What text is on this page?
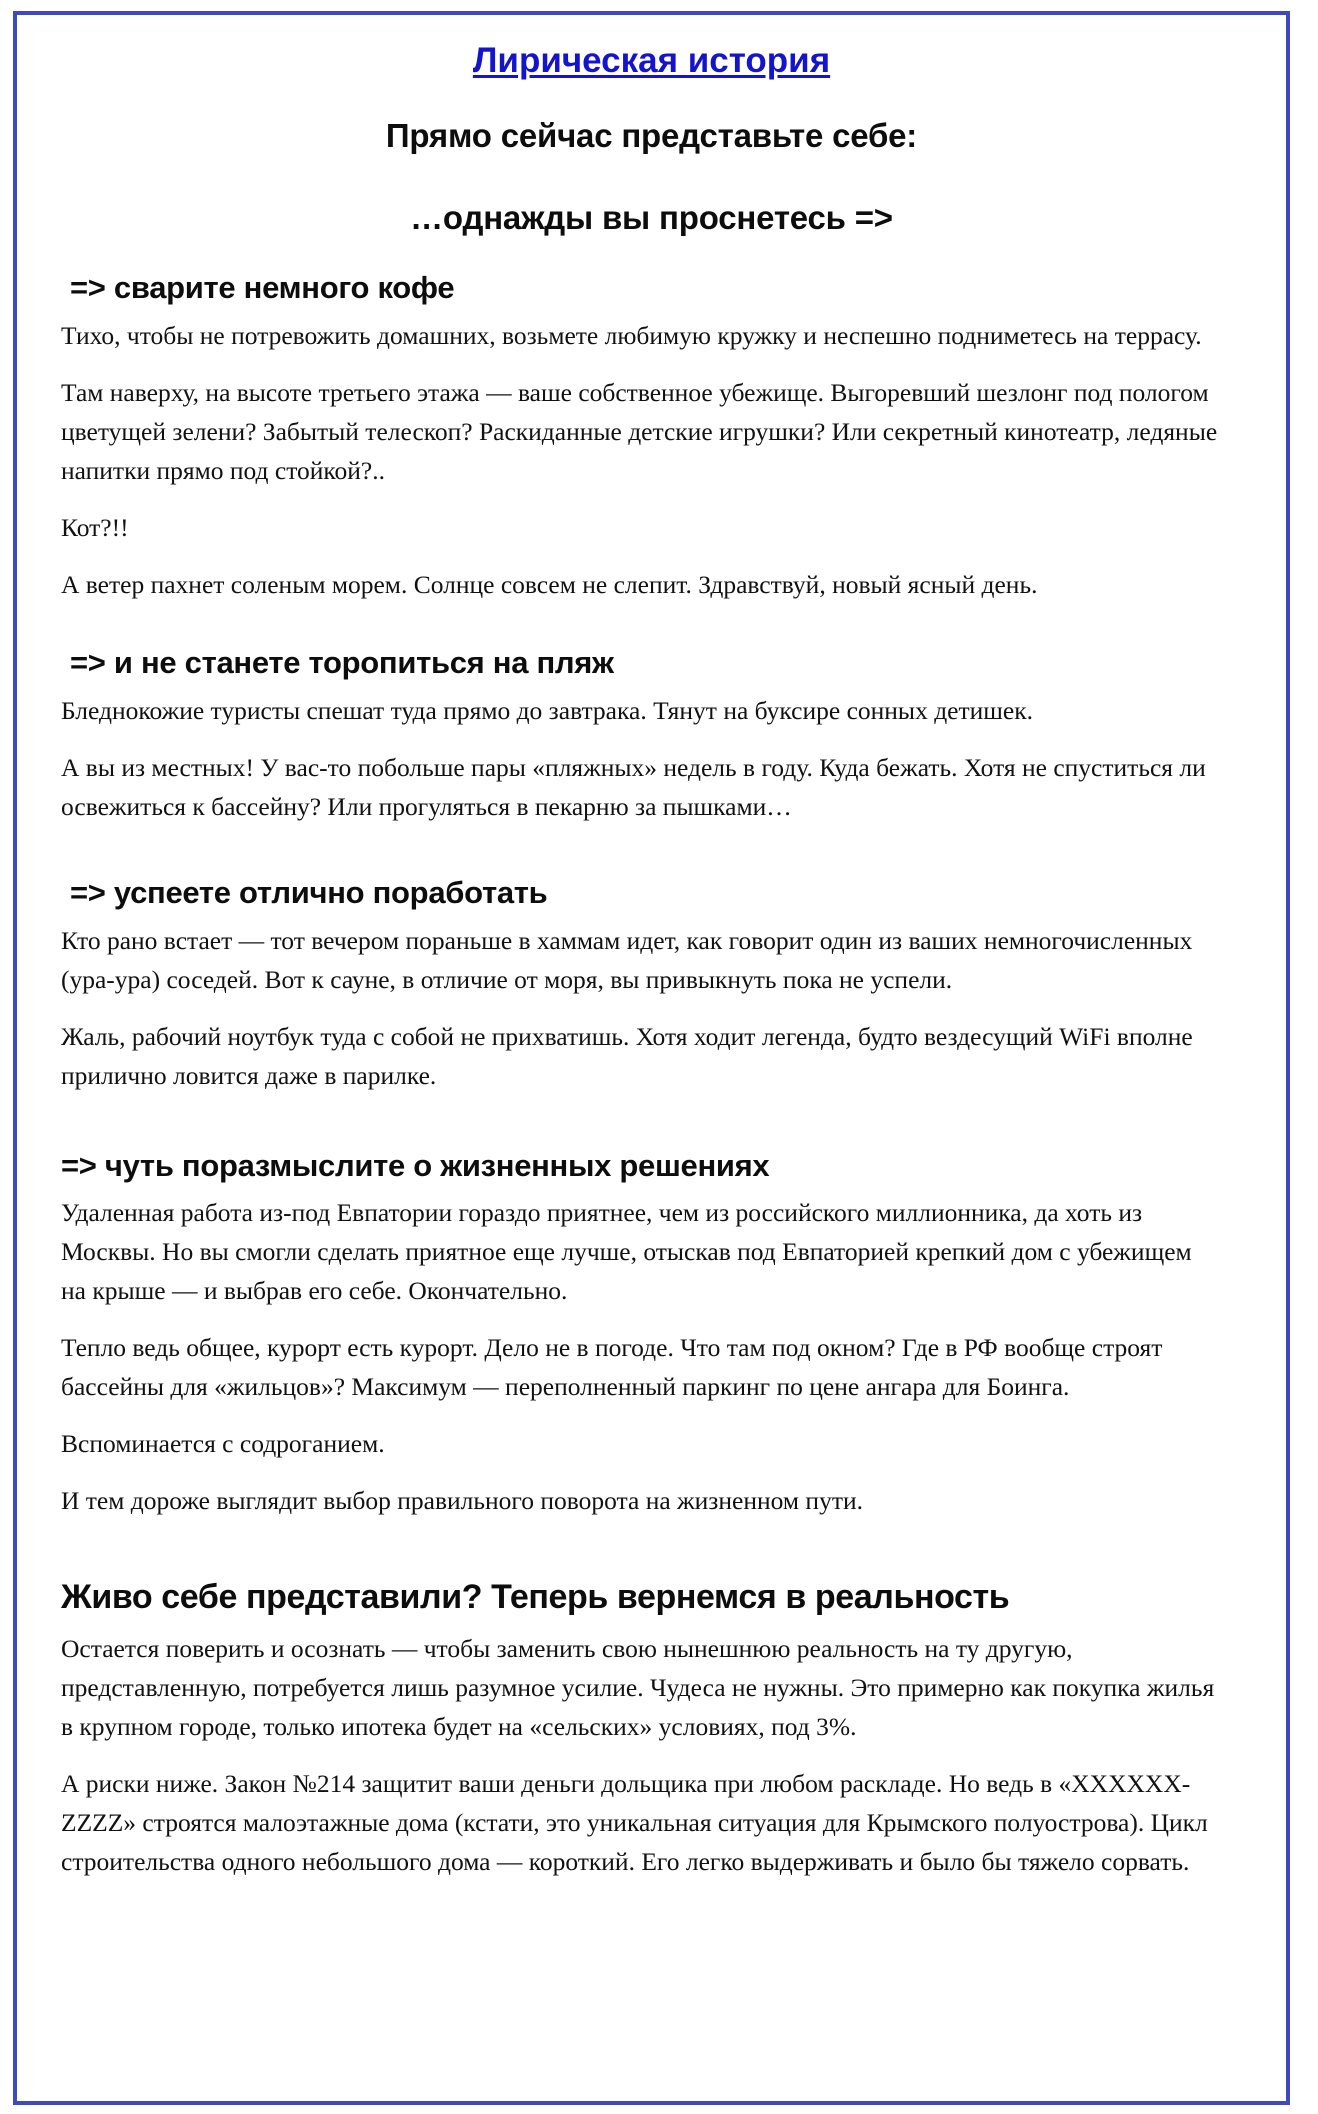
Лирическая история
Прямо сейчас представьте себе:
…однажды вы проснетесь =>
=> сварите немного кофе

Тихо, чтобы не потревожить домашних, возьмете любимую кружку и неспешно подниметесь на террасу.

Там наверху, на высоте третьего этажа — ваше собственное убежище. Выгоревший шезлонг под пологом цветущей зелени? Забытый телескоп? Раскиданные детские игрушки? Или секретный кинотеатр, ледяные напитки прямо под стойкой?..

Кот?!!

А ветер пахнет соленым морем. Солнце совсем не слепит. Здравствуй, новый ясный день.

=> и не станете торопиться на пляж

Бледнокожие туристы спешат туда прямо до завтрака. Тянут на буксире сонных детишек.

А вы из местных! У вас-то побольше пары «пляжных» недель в году. Куда бежать. Хотя не спуститься ли освежиться к бассейну? Или прогуляться в пекарню за пышками…

=> успеете отлично поработать

Кто рано встает — тот вечером пораньше в хаммам идет, как говорит один из ваших немногочисленных (ура-ура) соседей. Вот к сауне, в отличие от моря, вы привыкнуть пока не успели.

Жаль, рабочий ноутбук туда с собой не прихватишь. Хотя ходит легенда, будто вездесущий WiFi вполне прилично ловится даже в парилке.

=> чуть поразмыслите о жизненных решениях

Удаленная работа из-под Евпатории гораздо приятнее, чем из российского миллионника, да хоть из Москвы. Но вы смогли сделать приятное еще лучше, отыскав под Евпаторией крепкий дом с убежищем на крыше — и выбрав его себе. Окончательно.

Тепло ведь общее, курорт есть курорт. Дело не в погоде. Что там под окном? Где в РФ вообще строят бассейны для «жильцов»? Максимум — переполненный паркинг по цене ангара для Боинга.

Вспоминается с содроганием.

И тем дороже выглядит выбор правильного поворота на жизненном пути.

Живо себе представили? Теперь вернемся в реальность

Остается поверить и осознать — чтобы заменить свою нынешнюю реальность на ту другую, представленную, потребуется лишь разумное усилие. Чудеса не нужны. Это примерно как покупка жилья в крупном городе, только ипотека будет на «сельских» условиях, под 3%.

А риски ниже. Закон №214 защитит ваши деньги дольщика при любом раскладе. Но ведь в «XXXXXX-ZZZZ» строятся малоэтажные дома (кстати, это уникальная ситуация для Крымского полуострова). Цикл строительства одного небольшого дома — короткий. Его легко выдерживать и было бы тяжело сорвать.
